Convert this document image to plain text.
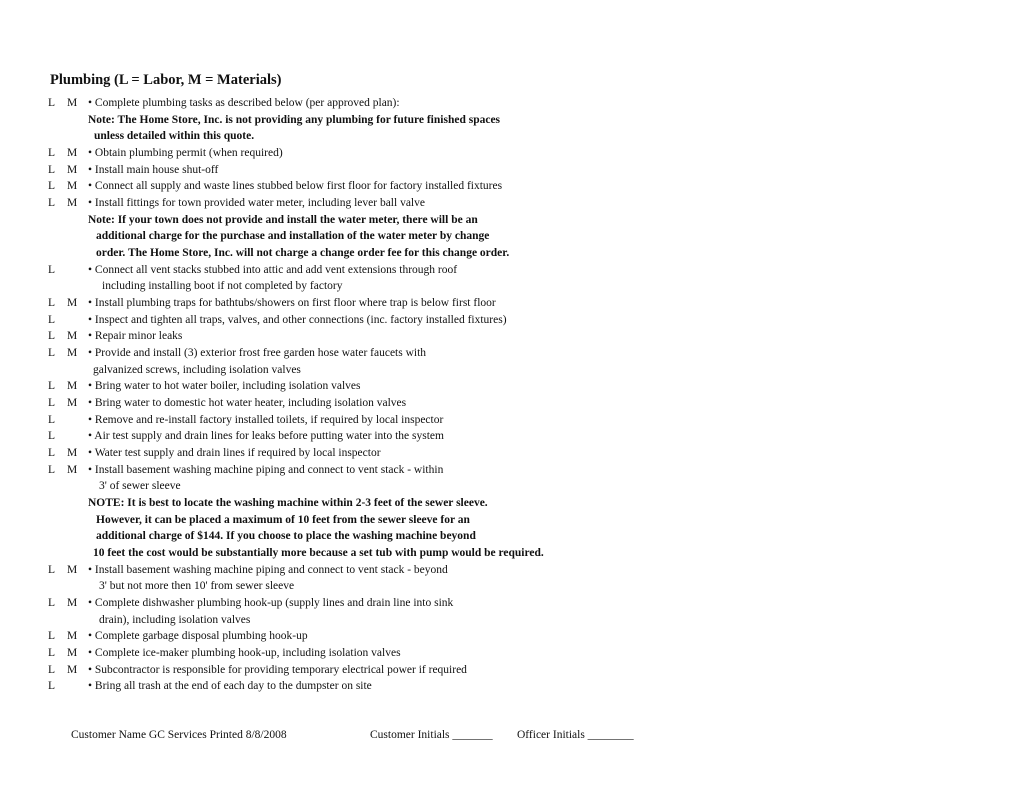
Plumbing (L = Labor, M = Materials)
L M • Complete plumbing tasks as described below (per approved plan):
Note: The Home Store, Inc. is not providing any plumbing for future finished spaces
unless detailed within this quote.
L M • Obtain plumbing permit (when required)
L M • Install main house shut-off
L M • Connect all supply and waste lines stubbed below first floor for factory installed fixtures
L M • Install fittings for town provided water meter, including lever ball valve
Note: If your town does not provide and install the water meter, there will be an
additional charge for the purchase and installation of the water meter by change
order. The Home Store, Inc. will not charge a change order fee for this change order.
L	• Connect all vent stacks stubbed into attic and add vent extensions through roof
including installing boot if not completed by factory
L M • Install plumbing traps for bathtubs/showers on first floor where trap is below first floor
L	• Inspect and tighten all traps, valves, and other connections (inc. factory installed fixtures)
L M • Repair minor leaks
L M • Provide and install (3) exterior frost free garden hose water faucets with
galvanized screws, including isolation valves
L M • Bring water to hot water boiler, including isolation valves
L M • Bring water to domestic hot water heater, including isolation valves
L	• Remove and re-install factory installed toilets, if required by local inspector
L	• Air test supply and drain lines for leaks before putting water into the system
L M • Water test supply and drain lines if required by local inspector
L M • Install basement washing machine piping and connect to vent stack - within
3' of sewer sleeve
NOTE: It is best to locate the washing machine within 2-3 feet of the sewer sleeve.
However, it can be placed a maximum of 10 feet from the sewer sleeve for an
additional charge of $144. If you choose to place the washing machine beyond
10 feet the cost would be substantially more because a set tub with pump would be required.
L M • Install basement washing machine piping and connect to vent stack - beyond
3' but not more then 10' from sewer sleeve
L M • Complete dishwasher plumbing hook-up (supply lines and drain line into sink
drain), including isolation valves
L M • Complete garbage disposal plumbing hook-up
L M • Complete ice-maker plumbing hook-up, including isolation valves
L M • Subcontractor is responsible for providing temporary electrical power if required
L	• Bring all trash at the end of each day to the dumpster on site
Customer Name GC Services Printed 8/8/2008	Customer Initials _______ Officer Initials ________
